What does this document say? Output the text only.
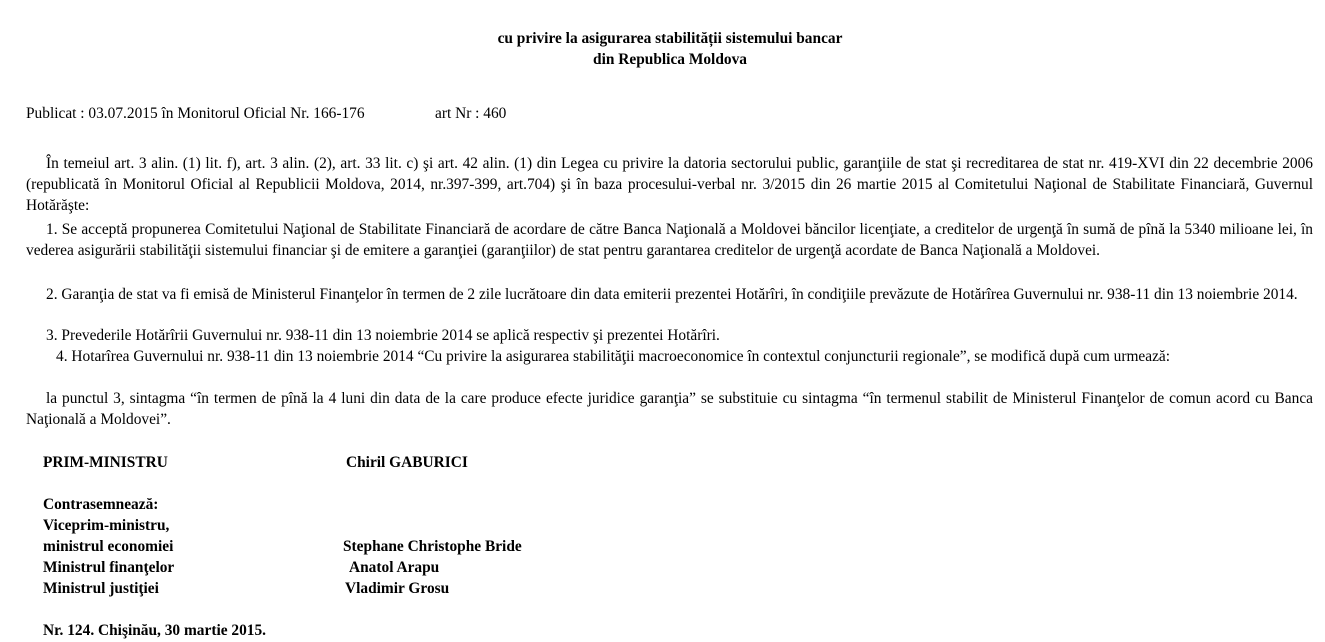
cu privire la asigurarea stabilității sistemului bancar
din Republica Moldova
Publicat : 03.07.2015 în Monitorul Oficial Nr. 166-176	art Nr : 460
În temeiul art. 3 alin. (1) lit. f), art. 3 alin. (2), art. 33 lit. c) şi art. 42 alin. (1) din Legea cu privire la datoria sectorului public, garanţiile de stat şi recreditarea de stat nr. 419-XVI din 22 decembrie 2006 (republicată în Monitorul Oficial al Republicii Moldova, 2014, nr.397-399, art.704) şi în baza procesului-verbal nr. 3/2015 din 26 martie 2015 al Comitetului Naţional de Stabilitate Financiară, Guvernul Hotărăşte:
1. Se acceptă propunerea Comitetului Naţional de Stabilitate Financiară de acordare de către Banca Naţională a Moldovei băncilor licenţiate, a creditelor de urgenţă în sumă de pînă la 5340 milioane lei, în vederea asigurării stabilităţii sistemului financiar şi de emitere a garanţiei (garanţiilor) de stat pentru garantarea creditelor de urgenţă acordate de Banca Naţională a Moldovei.
2. Garanţia de stat va fi emisă de Ministerul Finanţelor în termen de 2 zile lucrătoare din data emiterii prezentei Hotărîri, în condiţiile prevăzute de Hotărîrea Guvernului nr. 938-11 din 13 noiembrie 2014.
3. Prevederile Hotărîrii Guvernului nr. 938-11 din 13 noiembrie 2014 se aplică respectiv şi prezentei Hotărîri.
4. Hotarîrea Guvernului nr. 938-11 din 13 noiembrie 2014 “Cu privire la asigurarea stabilităţii macroeconomice în contextul conjuncturii regionale”, se modifică după cum urmează:
la punctul 3, sintagma “în termen de pînă la 4 luni din data de la care produce efecte juridice garanţia” se substituie cu sintagma “în termenul stabilit de Ministerul Finanţelor de comun acord cu Banca Naţională a Moldovei”.
PRIM-MINISTRU	Chiril GABURICI
Contrasemnează:
Viceprim-ministru,
ministrul economiei	Stephane Christophe Bride
Ministrul finanţelor	Anatol Arapu
Ministrul justiţiei	Vladimir Grosu
Nr. 124. Chişinău, 30 martie 2015.
